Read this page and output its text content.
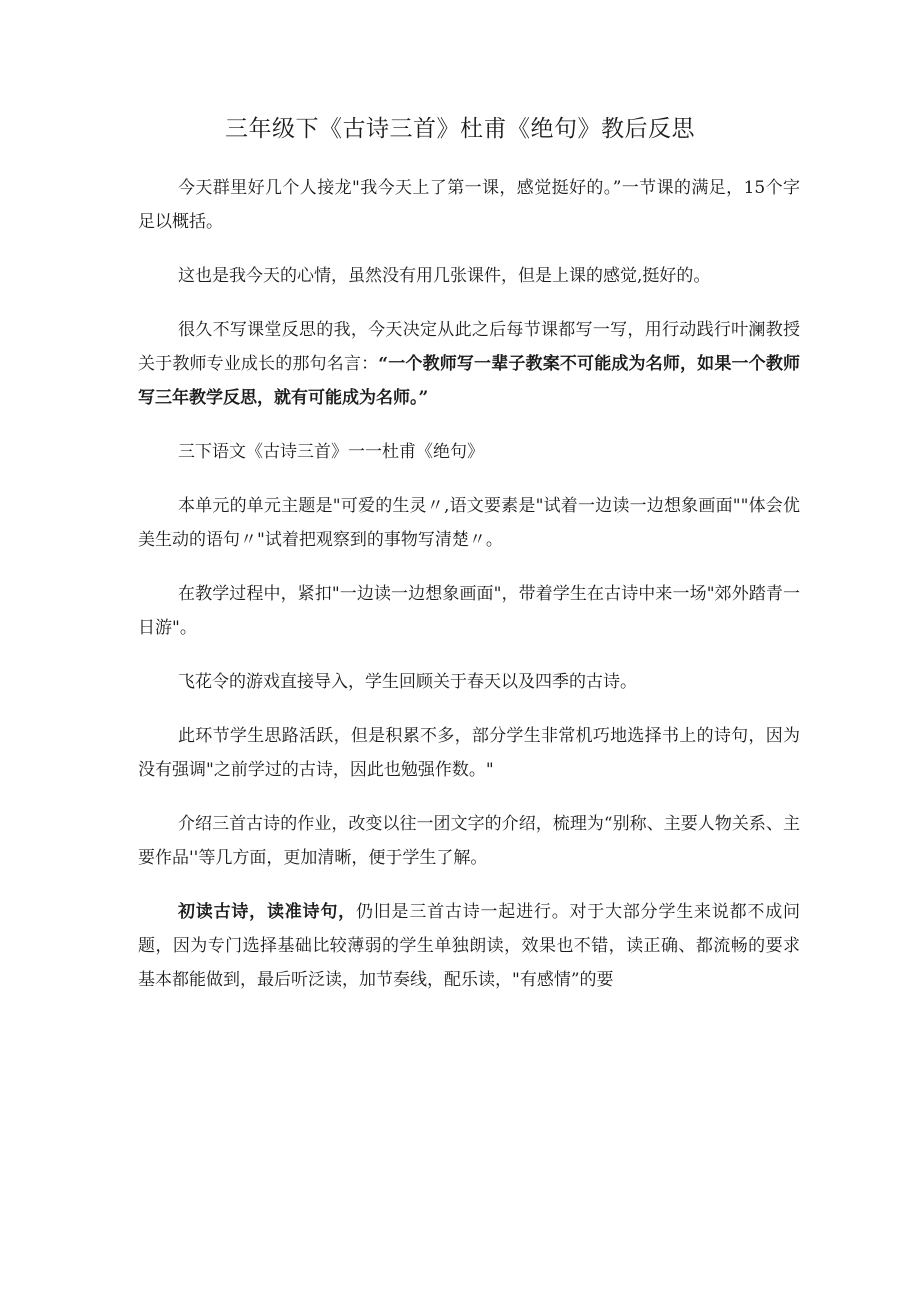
三年级下《古诗三首》杜甫《绝句》教后反思

今天群里好几个人接龙"我今天上了第一课，感觉挺好的。”一节课的满足，15个字足以概括。

这也是我今天的心情，虽然没有用几张课件，但是上课的感觉,挺好的。

很久不写课堂反思的我，今天决定从此之后每节课都写一写，用行动践行叶澜教授关于教师专业成长的那句名言：“一个教师写一辈子教案不可能成为名师，如果一个教师写三年教学反思，就有可能成为名师。”

三下语文《古诗三首》一一杜甫《绝句》

本单元的单元主题是"可爱的生灵〃,语文要素是"试着一边读一边想象画面""体会优美生动的语句〃"试着把观察到的事物写清楚〃。

在教学过程中，紧扣"一边读一边想象画面"，带着学生在古诗中来一场"郊外踏青一日游"。

飞花令的游戏直接导入，学生回顾关于春天以及四季的古诗。

此环节学生思路活跃，但是积累不多，部分学生非常机巧地选择书上的诗句，因为没有强调"之前学过的古诗，因此也勉强作数。"

介绍三首古诗的作业，改变以往一团文字的介绍，梳理为“别称、主要人物关系、主要作品''等几方面，更加清晰，便于学生了解。

初读古诗，读准诗句，仍旧是三首古诗一起进行。对于大部分学生来说都不成问题，因为专门选择基础比较薄弱的学生单独朗读，效果也不错，读正确、都流畅的要求基本都能做到，最后听泛读，加节奏线，配乐读，"有感情”的要
